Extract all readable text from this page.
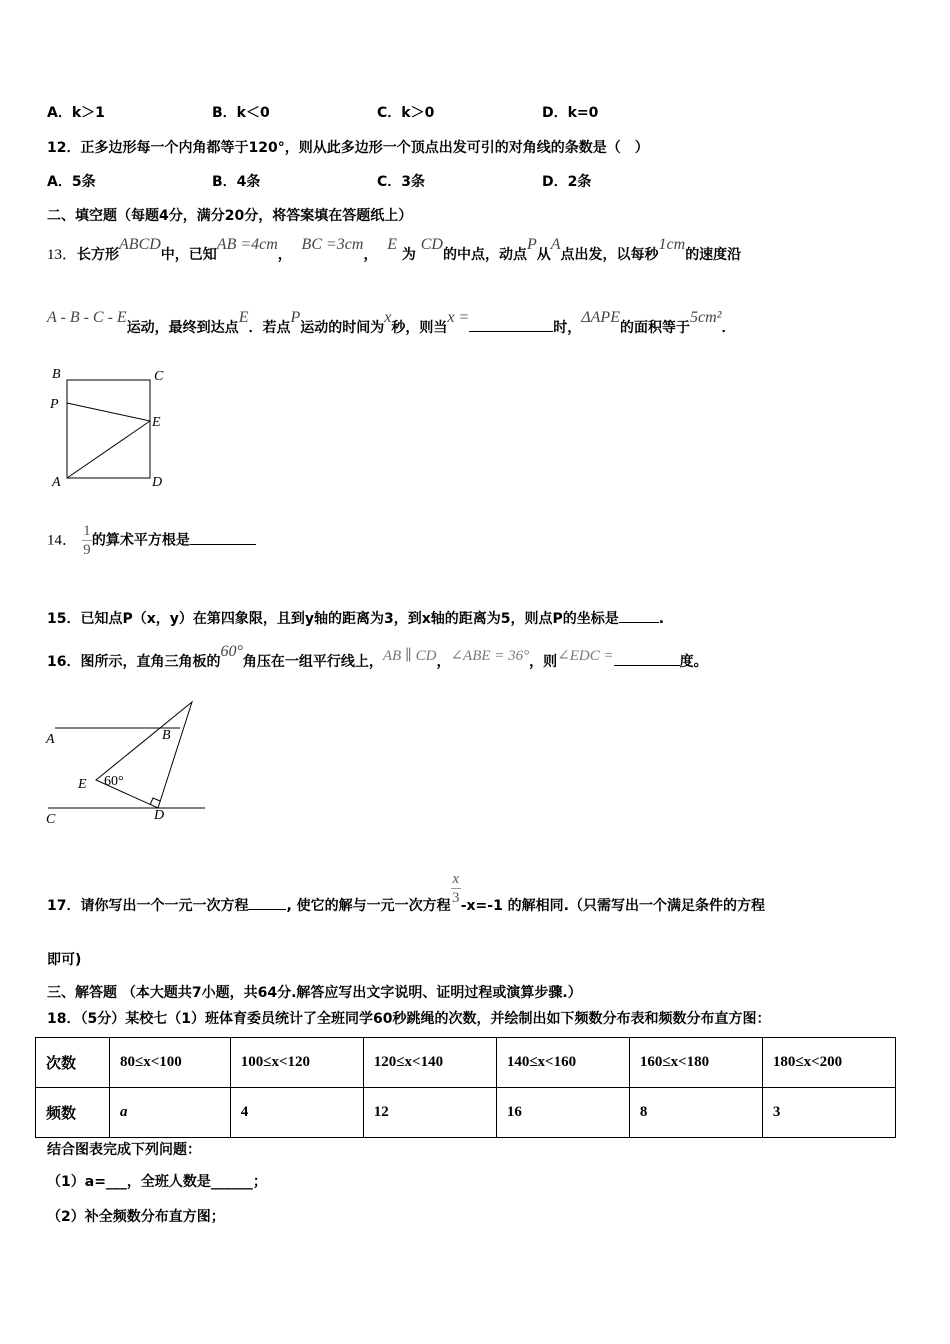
A．k＞1	B．k＜0	C．k＞0	D．k=0
12．正多边形每一个内角都等于120°，则从此多边形一个顶点出发可引的对角线的条数是（　）
A．5条	B．4条	C．3条	D．2条
二、填空题（每题4分，满分20分，将答案填在答题纸上）
13．长方形ABCD中，已知AB =4cm，  BC =3cm，  E 为 CD的中点，动点P从A点出发，以每秒1cm的速度沿
A - B - C - E运动，最终到达点E．若点P运动的时间为x秒，则当x =时，ΔAPE的面积等于5cm²．
B	C
P
E
A	D
14． $\frac{1}{9}$ 的算术平方根是
15．已知点P（x，y）在第四象限，且到y轴的距离为3，到x轴的距离为5，则点P的坐标是	.
16．图所示，直角三角板的60°角压在一组平行线上，AB ∥ CD，∠ABE = 36°，则∠EDC =	度。
A	B
E 60°
C	D
17．请你写出一个一元一次方程	, 使它的解与一元一次方程 $\frac{x}{3} -x=-1$ 的解相同.（只需写出一个满足条件的方程
即可)
三、解答题 （本大题共7小题，共64分.解答应写出文字说明、证明过程或演算步骤.）
18．（5分）某校七（1）班体育委员统计了全班同学60秒跳绳的次数，并绘制出如下频数分布表和频数分布直方图：
次数	80≤x<100	100≤x<120	120≤x<140	140≤x<160	160≤x<180	180≤x<200
频数	a	4	12	16	8	3
结合图表完成下列问题：
（1）a=___，全班人数是______；
（2）补全频数分布直方图；
